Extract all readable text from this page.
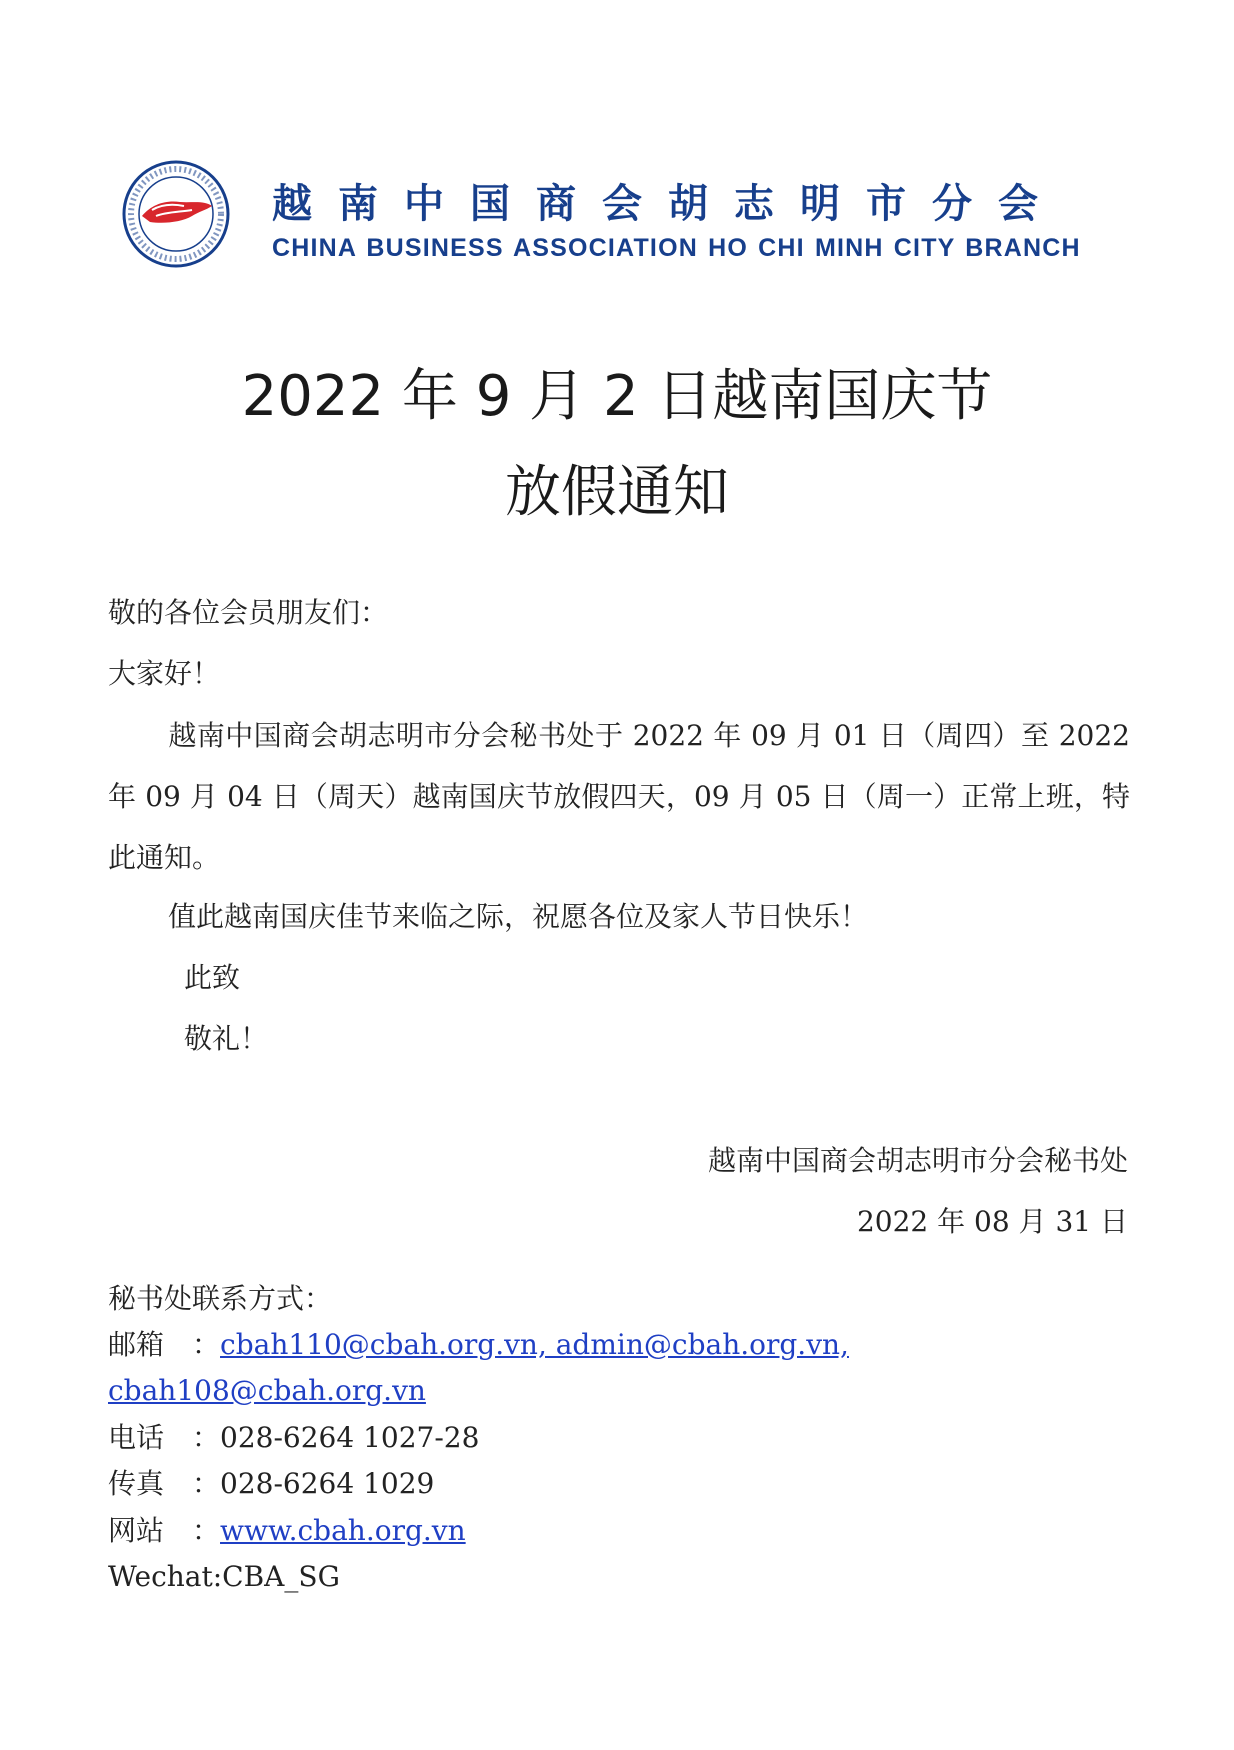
越南中国商会胡志明市分会
CHINA BUSINESS ASSOCIATION HO CHI MINH CITY BRANCH
2022 年 9 月 2 日越南国庆节
放假通知
敬的各位会员朋友们：
大家好！
越南中国商会胡志明市分会秘书处于 2022 年 09 月 01 日（周四）至 2022 年 09 月 04 日（周天）越南国庆节放假四天，09 月 05 日（周一）正常上班，特此通知。
值此越南国庆佳节来临之际，祝愿各位及家人节日快乐！
此致
敬礼！
越南中国商会胡志明市分会秘书处
2022 年 08 月 31 日
秘书处联系方式：
邮箱　：cbah110@cbah.org.vn, admin@cbah.org.vn,
cbah108@cbah.org.vn
电话　：028-6264 1027-28
传真　：028-6264 1029
网站　：www.cbah.org.vn
Wechat:CBA_SG
